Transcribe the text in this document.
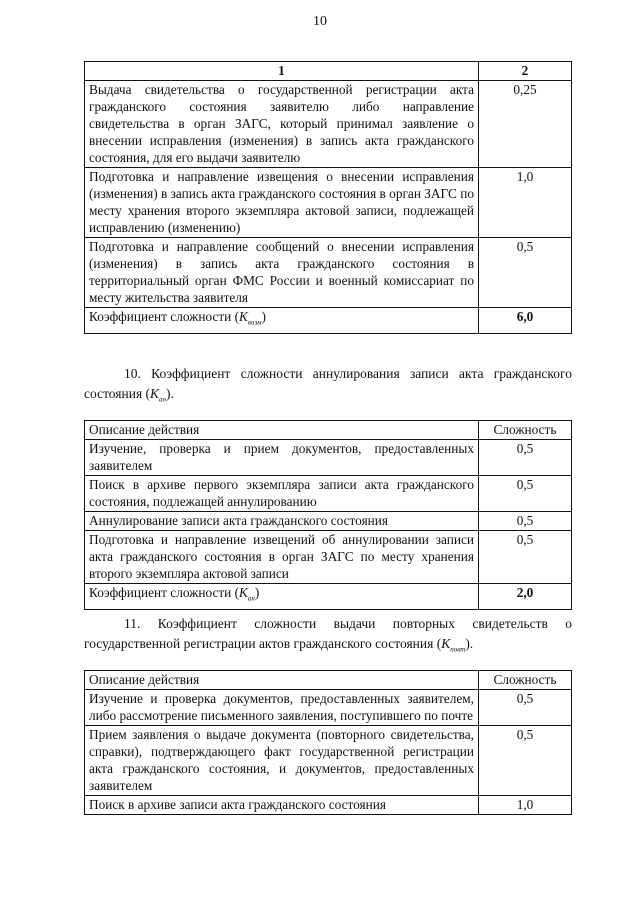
10
1	2
Выдача свидетельства о государственной регистрации акта гражданского состояния заявителю либо направление свидетельства в орган ЗАГС, который принимал заявление о внесении исправления (изменения) в запись акта гражданского состояния, для его выдачи заявителю	0,25
Подготовка и направление извещения о внесении исправления (изменения) в запись акта гражданского состояния в орган ЗАГС по месту хранения второго экземпляра актовой записи, подлежащей исправлению (изменению)	1,0
Подготовка и направление сообщений о внесении исправления (изменения) в запись акта гражданского состояния в территориальный орган ФМС России и военный комиссариат по месту жительства заявителя	0,5
Коэффициент сложности $(K_{визм})$	6,0
10. Коэффициент сложности аннулирования записи акта гражданского состояния $(K_{ан})$.
Описание действия	Сложность
Изучение, проверка и прием документов, предоставленных заявителем	0,5
Поиск в архиве первого экземпляра записи акта гражданского состояния, подлежащей аннулированию	0,5
Аннулирование записи акта гражданского состояния	0,5
Подготовка и направление извещений об аннулировании записи акта гражданского состояния в орган ЗАГС по месту хранения второго экземпляра актовой записи	0,5
Коэффициент сложности $(K_{ан})$	2,0
11. Коэффициент сложности выдачи повторных свидетельств о государственной регистрации актов гражданского состояния $(K_{повт})$.
Описание действия	Сложность
Изучение и проверка документов, предоставленных заявителем, либо рассмотрение письменного заявления, поступившего по почте	0,5
Прием заявления о выдаче документа (повторного свидетельства, справки), подтверждающего факт государственной регистрации акта гражданского состояния, и документов, предоставленных заявителем	0,5
Поиск в архиве записи акта гражданского состояния	1,0
